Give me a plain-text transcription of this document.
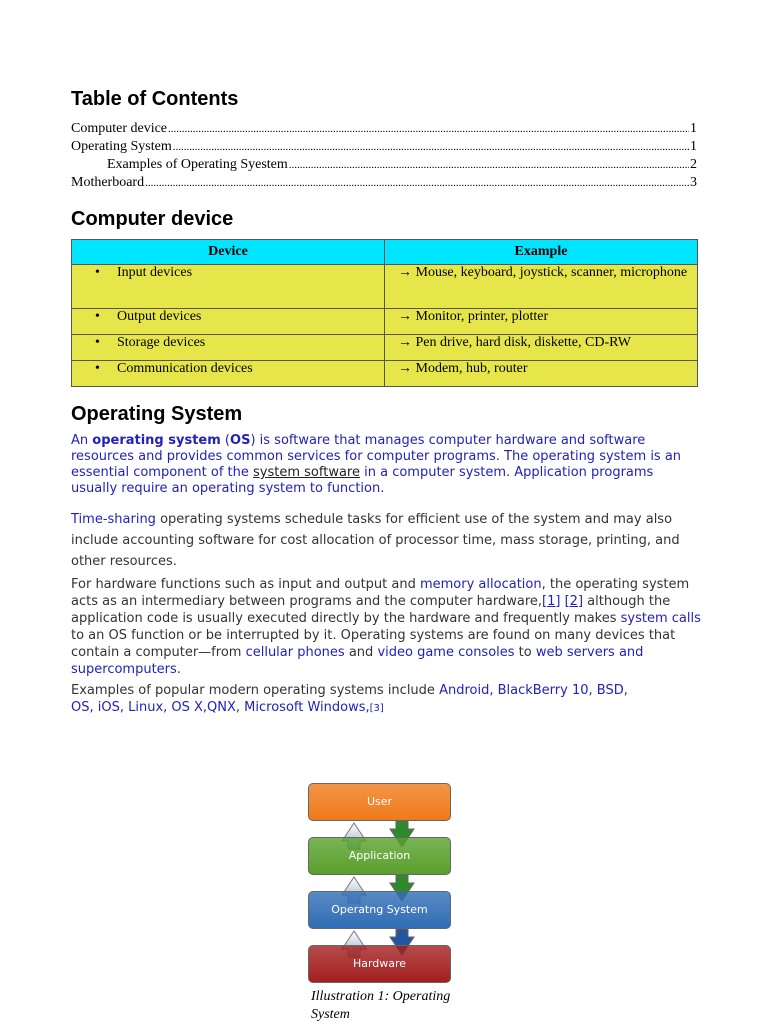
Table of Contents
Computer device .....	1
Operating System .....	1
Examples of Operating Syestem .....	2
Motherboard .....	3
Computer device
Device	Example
• Input devices	→ Mouse, keyboard, joystick, scanner, microphone
• Output devices	→ Monitor, printer, plotter
• Storage devices	→ Pen drive, hard disk, diskette, CD-RW
• Communication devices	→ Modem, hub, router
Operating System

An operating system (OS) is software that manages computer hardware and software resources and provides common services for computer programs. The operating system is an essential component of the system software in a computer system. Application programs usually require an operating system to function.

Time-sharing operating systems schedule tasks for efficient use of the system and may also include accounting software for cost allocation of processor time, mass storage, printing, and other resources.

For hardware functions such as input and output and memory allocation, the operating system acts as an intermediary between programs and the computer hardware,[1] [2] although the application code is usually executed directly by the hardware and frequently makes system calls to an OS function or be interrupted by it. Operating systems are found on many devices that contain a computer—from cellular phones and video game consoles to web servers and supercomputers.

Examples of popular modern operating systems include Android, BlackBerry 10, BSD, OS, iOS, Linux, OS X,QNX, Microsoft Windows,[3]

User
Application
Operatng System
Hardware
Illustration 1: Operating System
